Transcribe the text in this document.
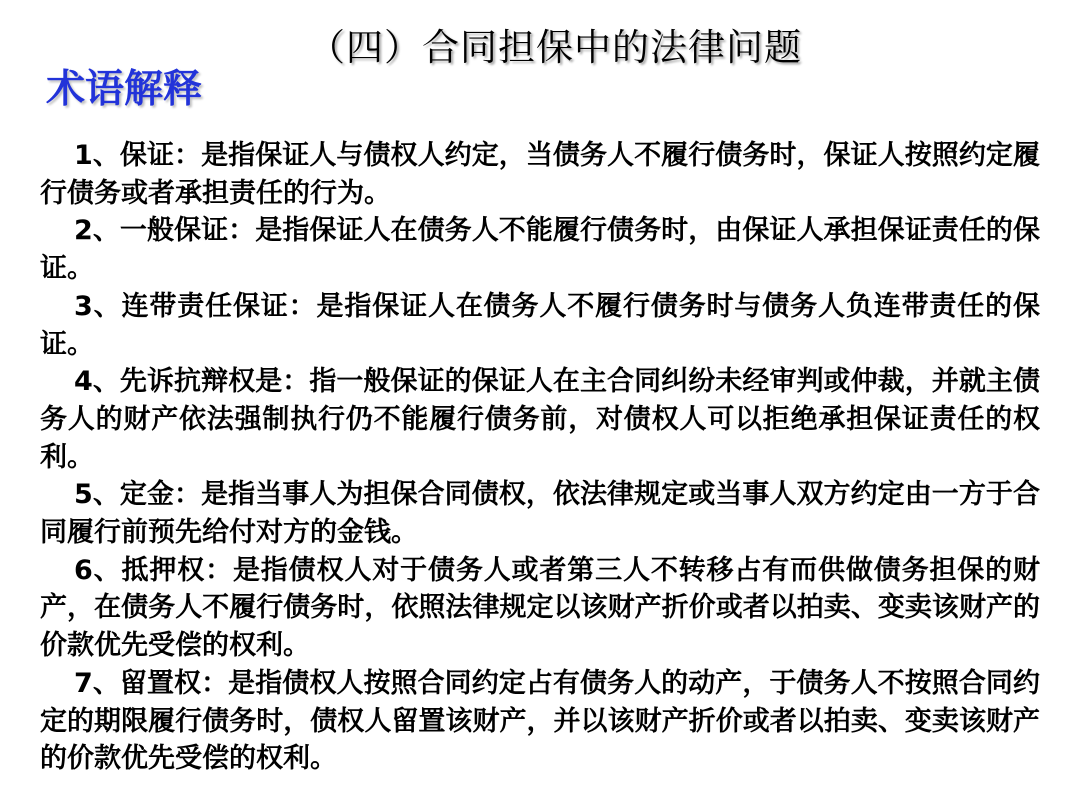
（四）合同担保中的法律问题
术语解释

1、保证：是指保证人与债权人约定，当债务人不履行债务时，保证人按照约定履行债务或者承担责任的行为。

2、一般保证：是指保证人在债务人不能履行债务时，由保证人承担保证责任的保证。

3、连带责任保证：是指保证人在债务人不履行债务时与债务人负连带责任的保证。

4、先诉抗辩权是：指一般保证的保证人在主合同纠纷未经审判或仲裁，并就主债务人的财产依法强制执行仍不能履行债务前，对债权人可以拒绝承担保证责任的权利。

5、定金：是指当事人为担保合同债权，依法律规定或当事人双方约定由一方于合同履行前预先给付对方的金钱。

6、抵押权：是指债权人对于债务人或者第三人不转移占有而供做债务担保的财产，在债务人不履行债务时，依照法律规定以该财产折价或者以拍卖、变卖该财产的价款优先受偿的权利。

7、留置权：是指债权人按照合同约定占有债务人的动产，于债务人不按照合同约定的期限履行债务时，债权人留置该财产，并以该财产折价或者以拍卖、变卖该财产的价款优先受偿的权利。
